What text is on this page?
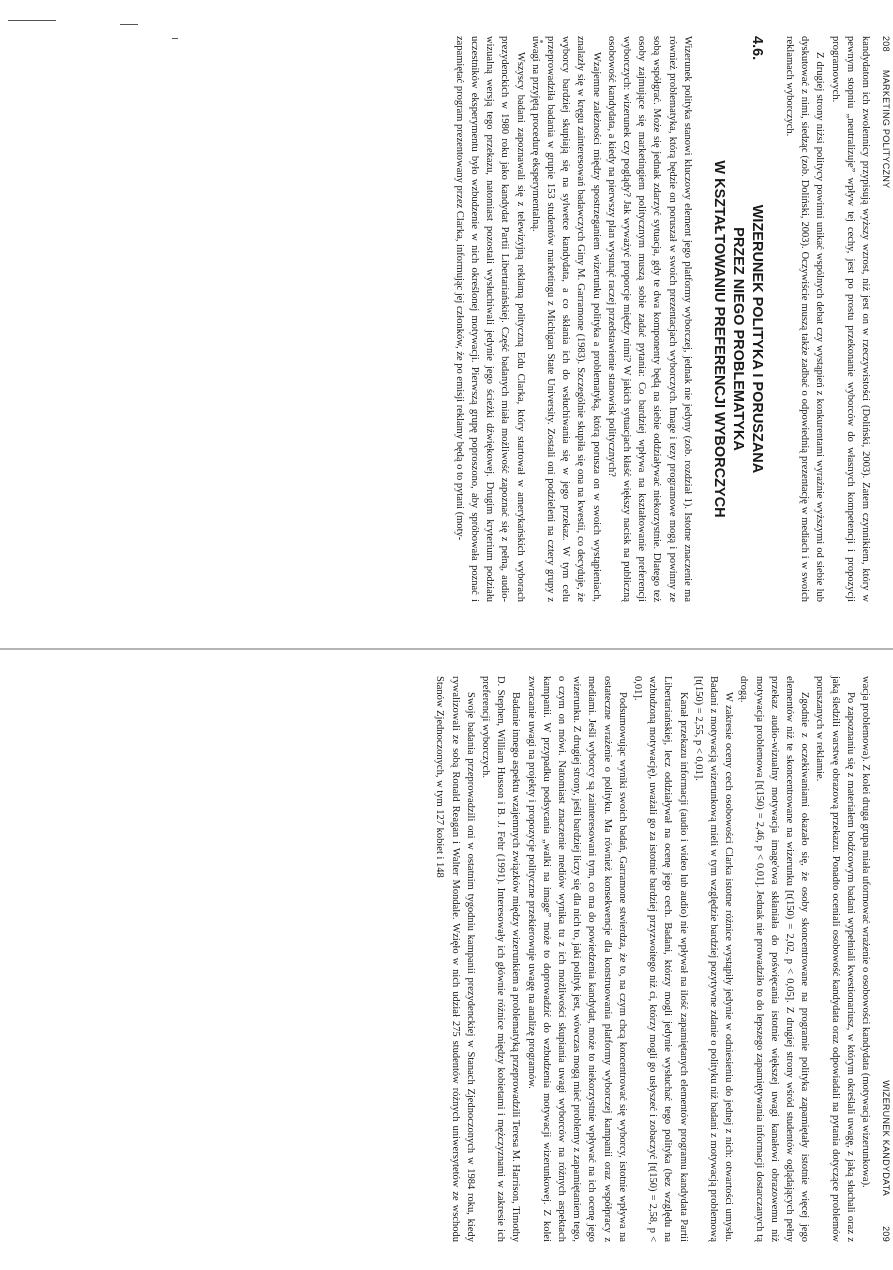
208
MARKETING POLITYCZNY

kandydatom ich zwolennicy przypisują wyższy wzrost, niż jest on w rzeczywistości (Doliński, 2003). Zatem czynnikiem, który w pewnym stopniu „neutralizuje” wpływ tej cechy, jest po prostu przekonanie wyborców do własnych kompetencji i propozycji programowych.

Z drugiej strony niżsi politycy powinni unikać wspólnych debat czy wystąpień z konkurentami wyraźnie wyższymi od siebie lub dyskutować z nimi, siedząc (zob. Doliński, 2003). Oczywiście muszą także zadbać o odpowiednią prezentację w mediach i w swoich reklamach wyborczych.

4.6.
WIZERUNEK POLITYKA I PORUSZANA
PRZEZ NIEGO PROBLEMATYKA
W KSZTAŁTOWANIU PREFERENCJI WYBORCZYCH

Wizerunek polityka stanowi kluczowy element jego platformy wyborczej, jednak nie jedyny (zob. rozdział 1). Istotne znaczenie ma również problematyka, którą będzie on poruszał w swoich prezentacjach wyborczych. Image i tezy programowe mogą i powinny ze sobą współgrać. Może się jednak zdarzyć sytuacja, gdy te dwa komponenty będą na siebie oddziaływać niekorzystnie. Dlatego też osoby zajmujące się marketingiem politycznym muszą sobie zadać pytania: Co bardziej wpływa na kształtowanie preferencji wyborczych: wizerunek czy poglądy? Jak wyważyć proporcje między nimi? W jakich sytuacjach kłaść większy nacisk na publiczną osobowość kandydata, a kiedy na pierwszy plan wysunąć raczej przedstawienie stanowisk politycznych?

Wzajemne zależności między spostrzeganiem wizerunku polityka a problematyką, którą porusza on w swoich wystąpieniach, znalazły się w kręgu zainteresowań badawczych Giny M. Garramone (1983). Szczególnie skupiła się ona na kwestii, co decyduje, że wyborcy bardziej skupiają się na sylwetce kandydata, a co skłania ich do wsłuchiwania się w jego przekaz. W tym celu przeprowadziła badania w grupie 153 studentów marketingu z Michigan State University. Zostali oni podzieleni na cztery grupy z uwagi na przyjętą procedurę eksperymentalną.

Wszyscy badani zapoznawali się z telewizyjną reklamą polityczną Edu Clarka, który startował w amerykańskich wyborach prezydenckich w 1980 roku jako kandydat Partii Libertariańskiej. Część badanych miała możliwość zapoznać się z pełną, audio-wizualną wersją tego przekazu, natomiast pozostali wysłuchiwali jedynie jego ścieżki dźwiękowej. Drugim kryterium podziału uczestników eksperymentu było wzbudzenie w nich określonej motywacji. Pierwszą grupę poproszono, aby spróbowała poznać i zapamiętać program prezentowany przez Clarka, informując jej członków, że po emisji reklamy będą o to pytani (moty-

WIZERUNEK KANDYDATA
209

wacja problemowa). Z kolei druga grupa miała uformować wrażenie o osobowości kandydata (motywacja wizerunkowa).

Po zapoznaniu się z materiałem bodźcowym badani wypełniali kwestionariusz, w którym określali uwagę, z jaką słuchali oraz z jaką śledzili warstwę obrazową przekazu. Ponadto oceniali osobowość kandydata oraz odpowiadali na pytania dotyczące problemów poruszanych w reklamie.

Zgodnie z oczekiwaniami okazało się, że osoby skoncentrowane na programie polityka zapamiętały istotnie więcej jego elementów niż te skoncentrowane na wizerunku [t(150) = 2,02, p < 0,05]. Z drugiej strony wśród studentów oglądających pełny przekaz audio-wizualny motywacja image'owa skłaniała do poświęcania istotnie większej uwagi kanałowi obrazowemu niż motywacja problemowa [t(150) = 2,46, p < 0,01]. Jednak nie prowadziło to do lepszego zapamiętywania informacji dostarczanych tą drogą.

W zakresie oceny cech osobowości Clarka istotne różnice wystąpiły jedynie w odniesieniu do jednej z nich: otwartości umysłu. Badani z motywacją wizerunkową mieli w tym względzie bardziej pozytywne zdanie o polityku niż badani z motywacją problemową [t(150) = 2,55, p < 0,01].

Kanał przekazu informacji (audio i wideo lub audio) nie wpływał na ilość zapamiętanych elementów programu kandydata Partii Libertariańskiej, lecz oddziaływał na ocenę jego cech. Badani, którzy mogli jedynie wysłuchać tego polityka (bez względu na wzbudzoną motywację), uważali go za istotnie bardziej przyzwoitego niż ci, którzy mogli go usłyszeć i zobaczyć [t(150) = 2,58, p < 0,01].

Podsumowując wyniki swoich badań, Garramone stwierdza, że to, na czym chcą koncentrować się wyborcy, istotnie wpływa na ostateczne wrażenie o polityku. Ma również konsekwencje dla konstruowania platformy wyborczej kampanii oraz współpracy z mediami. Jeśli wyborcy są zainteresowani tym, co ma do powiedzenia kandydat, może to niekorzystnie wpływać na ich ocenę jego wizerunku. Z drugiej strony, jeśli bardziej liczy się dla nich to, jaki polityk jest, wówczas mogą mieć problemy z zapamiętaniem tego, o czym on mówi. Natomiast znaczenie mediów wynika tu z ich możliwości skupiania uwagi wyborców na różnych aspektach kampanii. W przypadku podsycania „walki na image” może to doprowadzić do wzbudzenia motywacji wizerunkowej. Z kolei zwracanie uwagi na projekty i propozycje polityczne przekierowuje uwagę na analizę programów.

Badanie innego aspektu wzajemnych związków między wizerunkiem a problematyką przeprowadzili Teresa M. Harrison, Timothy D. Stephen, William Husson i B. J. Fehr (1991). Interesowały ich głównie różnice między kobietami i mężczyznami w zakresie ich preferencji wyborczych.

Swoje badania przeprowadzili oni w ostatnim tygodniu kampanii prezydenckiej w Stanach Zjednoczonych w 1984 roku, kiedy rywalizowali ze sobą Ronald Reagan i Walter Mondale. Wzięło w nich udział 275 studentów różnych uniwersytetów ze wschodu Stanów Zjednoczonych, w tym 127 kobiet i 148
